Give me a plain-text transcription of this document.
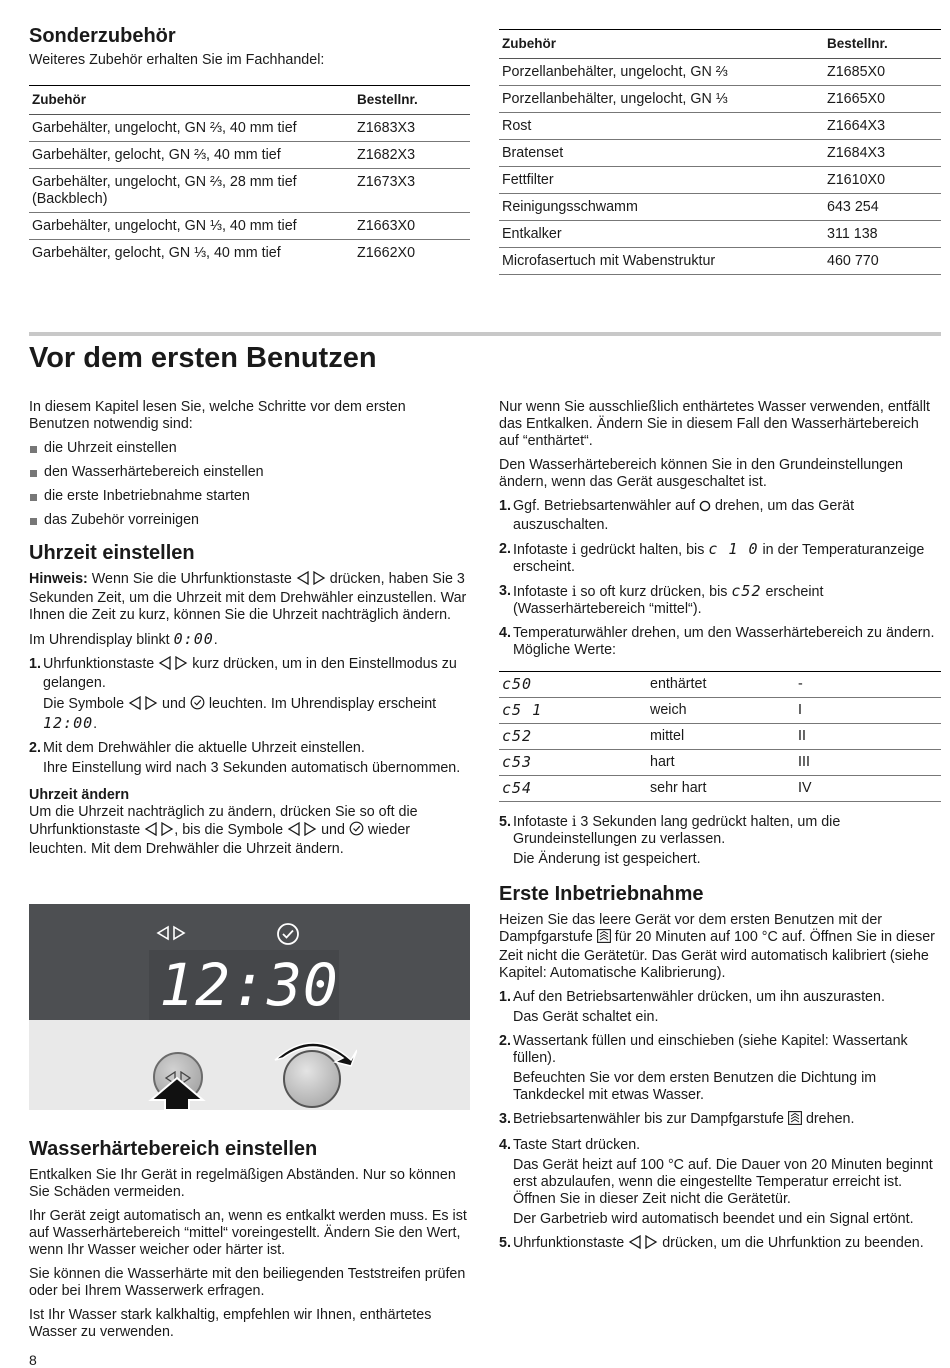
Sonderzubehör
Weiteres Zubehör erhalten Sie im Fachhandel:
Zubehör	Bestellnr.
Garbehälter, ungelocht, GN ⅔, 40 mm tief	Z1683X3
Garbehälter, gelocht, GN ⅔, 40 mm tief	Z1682X3
Garbehälter, ungelocht, GN ⅔, 28 mm tief (Backblech)	Z1673X3
Garbehälter, ungelocht, GN ⅓, 40 mm tief	Z1663X0
Garbehälter, gelocht, GN ⅓, 40 mm tief	Z1662X0
Zubehör	Bestellnr.
Porzellanbehälter, ungelocht, GN ⅔	Z1685X0
Porzellanbehälter, ungelocht, GN ⅓	Z1665X0
Rost	Z1664X3
Bratenset	Z1684X3
Fettfilter	Z1610X0
Reinigungsschwamm	643 254
Entkalker	311 138
Microfasertuch mit Wabenstruktur	460 770
Vor dem ersten Benutzen

In diesem Kapitel lesen Sie, welche Schritte vor dem ersten Benutzen notwendig sind:

die Uhrzeit einstellen
den Wasserhärtebereich einstellen
die erste Inbetriebnahme starten
das Zubehör vorreinigen
Uhrzeit einstellen

Hinweis: Wenn Sie die Uhrfunktionstaste	drücken, haben Sie 3 Sekunden Zeit, um die Uhrzeit mit dem Drehwähler einzustellen. War Ihnen die Zeit zu kurz, können Sie die Uhrzeit nachträglich ändern.

Im Uhrendisplay blinkt 0:00.

1. Uhrfunktionstaste	kurz drücken, um in den Einstellmodus zu gelangen.
Die Symbole	und leuchten. Im Uhrendisplay erscheint 12:00.
2. Mit dem Drehwähler die aktuelle Uhrzeit einstellen.
Ihre Einstellung wird nach 3 Sekunden automatisch übernommen.
Uhrzeit ändern

Um die Uhrzeit nachträglich zu ändern, drücken Sie so oft die Uhrfunktionstaste , bis die Symbole	und wieder leuchten. Mit dem Drehwähler die Uhrzeit ändern.

12:30
Wasserhärtebereich einstellen

Entkalken Sie Ihr Gerät in regelmäßigen Abständen. Nur so können Sie Schäden vermeiden.

Ihr Gerät zeigt automatisch an, wenn es entkalkt werden muss. Es ist auf Wasserhärtebereich “mittel“ voreingestellt. Ändern Sie den Wert, wenn Ihr Wasser weicher oder härter ist.

Sie können die Wasserhärte mit den beiliegenden Teststreifen prüfen oder bei Ihrem Wasserwerk erfragen.

Ist Ihr Wasser stark kalkhaltig, empfehlen wir Ihnen, enthärtetes Wasser zu verwenden.

Nur wenn Sie ausschließlich enthärtetes Wasser verwenden, entfällt das Entkalken. Ändern Sie in diesem Fall den Wasserhärtebereich auf “enthärtet“.

Den Wasserhärtebereich können Sie in den Grundeinstellungen ändern, wenn das Gerät ausgeschaltet ist.

1. Ggf. Betriebsartenwähler auf drehen, um das Gerät auszuschalten.
2. Infotaste i gedrückt halten, bis c 1 0 in der Temperaturanzeige erscheint.
3. Infotaste i so oft kurz drücken, bis c52 erscheint (Wasserhärtebereich “mittel“).
4. Temperaturwähler drehen, um den Wasserhärtebereich zu ändern.
Mögliche Werte:
c50	enthärtet	-
c5 1	weich	I
c52	mittel	II
c53	hart	III
c54	sehr hart	IV
5. Infotaste i 3 Sekunden lang gedrückt halten, um die Grundeinstellungen zu verlassen.
Die Änderung ist gespeichert.
Erste Inbetriebnahme

Heizen Sie das leere Gerät vor dem ersten Benutzen mit der Dampfgarstufe für 20 Minuten auf 100 °C auf. Öffnen Sie in dieser Zeit nicht die Gerätetür. Das Gerät wird automatisch kalibriert (siehe Kapitel: Automatische Kalibrierung).

1. Auf den Betriebsartenwähler drücken, um ihn auszurasten.
Das Gerät schaltet ein.
2. Wassertank füllen und einschieben (siehe Kapitel: Wassertank füllen).
Befeuchten Sie vor dem ersten Benutzen die Dichtung im Tankdeckel mit etwas Wasser.
3. Betriebsartenwähler bis zur Dampfgarstufe drehen.
4. Taste Start drücken.
Das Gerät heizt auf 100 °C auf. Die Dauer von 20 Minuten beginnt erst abzulaufen, wenn die eingestellte Temperatur erreicht ist. Öffnen Sie in dieser Zeit nicht die Gerätetür.
Der Garbetrieb wird automatisch beendet und ein Signal ertönt.
5. Uhrfunktionstaste	drücken, um die Uhrfunktion zu beenden.
8
